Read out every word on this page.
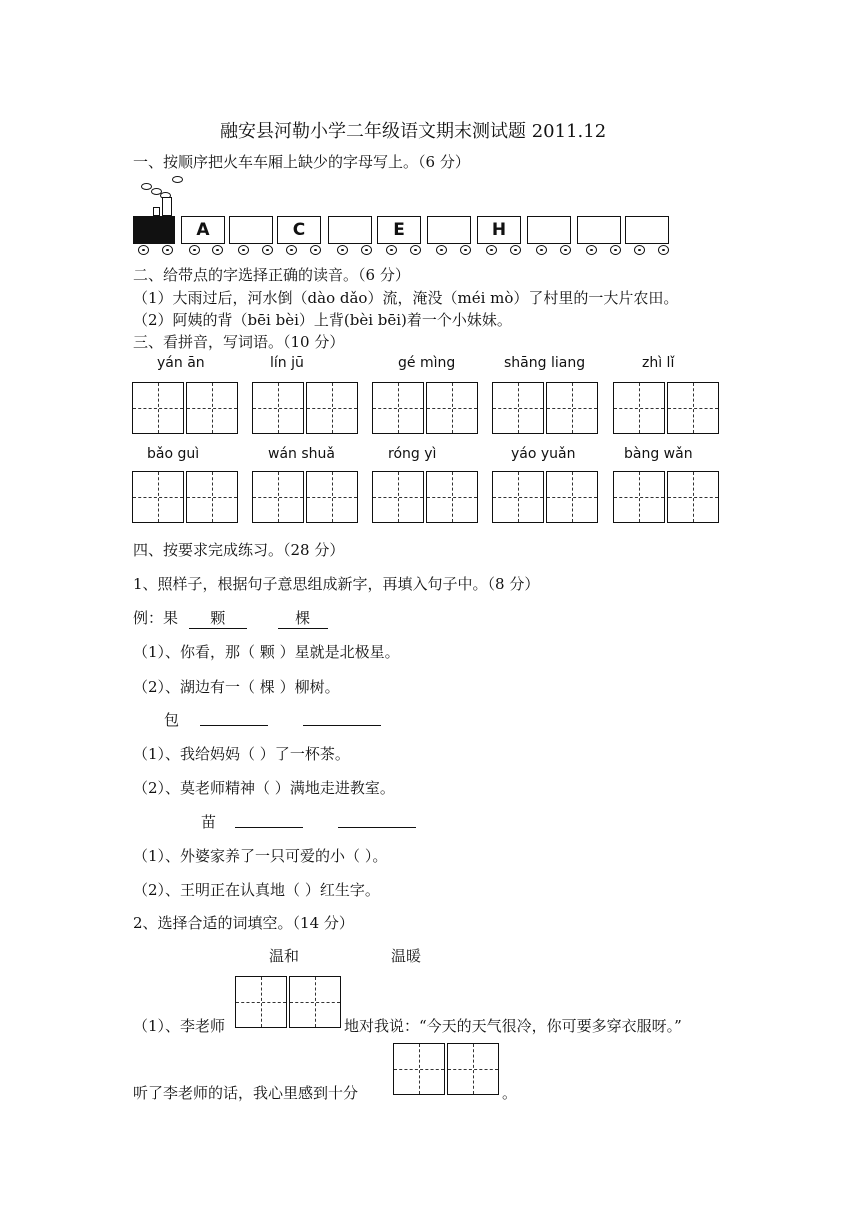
融安县河勒小学二年级语文期末测试题 2011.12
一、按顺序把火车车厢上缺少的字母写上。（6 分）
A	C	E	H
二、给带点的字选择正确的读音。（6 分）
（1）大雨过后，河水倒（dào dǎo）流，淹没（méi mò）了村里的一大片农田。
（2）阿姨的背（bēi bèi）上背(bèi bēi)着一个小妹妹。
三、看拼音，写词语。（10 分）
yán ān	lín jū	gé mìng	shāng liang	zhì lǐ
bǎo guì	wán shuǎ	róng yì	yáo yuǎn	bàng wǎn
四、按要求完成练习。（28 分）
1、照样子，根据句子意思组成新字，再填入句子中。（8 分）
例：果 颗	棵
（1）、你看，那（ 颗 ）星就是北极星。
（2）、湖边有一（ 棵 ）柳树。
包
（1）、我给妈妈（ ）了一杯茶。
（2）、莫老师精神（ ）满地走进教室。
苗
（1）、外婆家养了一只可爱的小（ ）。
（2）、王明正在认真地（ ）红生字。
2、选择合适的词填空。（14 分）
温和	温暖
（1）、李老师	地对我说：“今天的天气很冷，你可要多穿衣服呀。”
听了李老师的话，我心里感到十分	。
